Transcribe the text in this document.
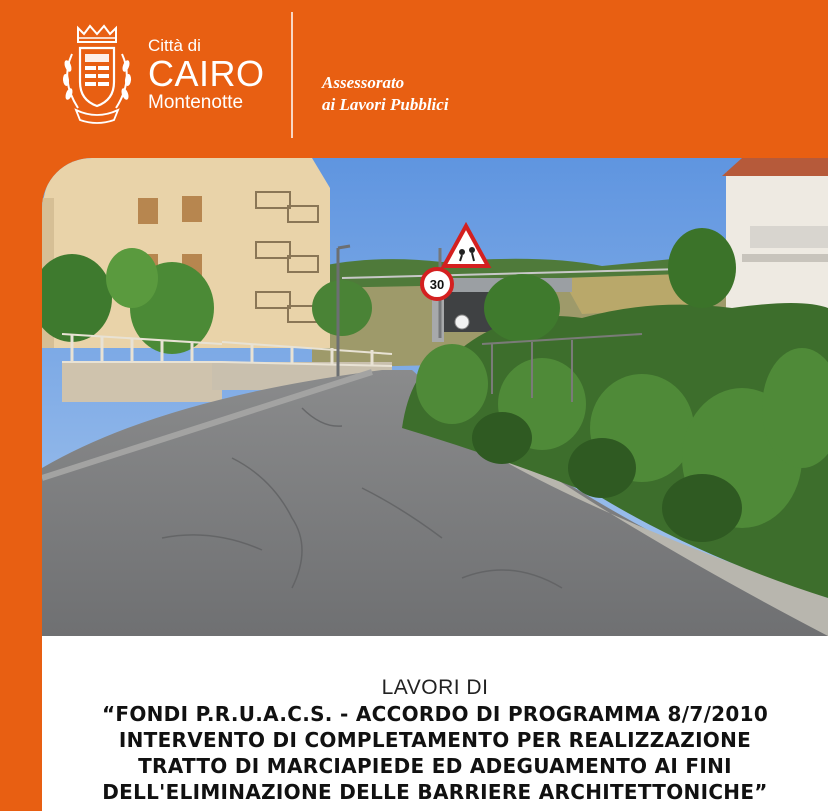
Città di
CAIRO
Montenotte
Assessorato
ai Lavori Pubblici
30
LAVORI DI
“FONDI P.R.U.A.C.S. - ACCORDO DI PROGRAMMA 8/7/2010
INTERVENTO DI COMPLETAMENTO PER REALIZZAZIONE
TRATTO DI MARCIAPIEDE ED ADEGUAMENTO AI FINI
DELL'ELIMINAZIONE DELLE BARRIERE ARCHITETTONICHE”
